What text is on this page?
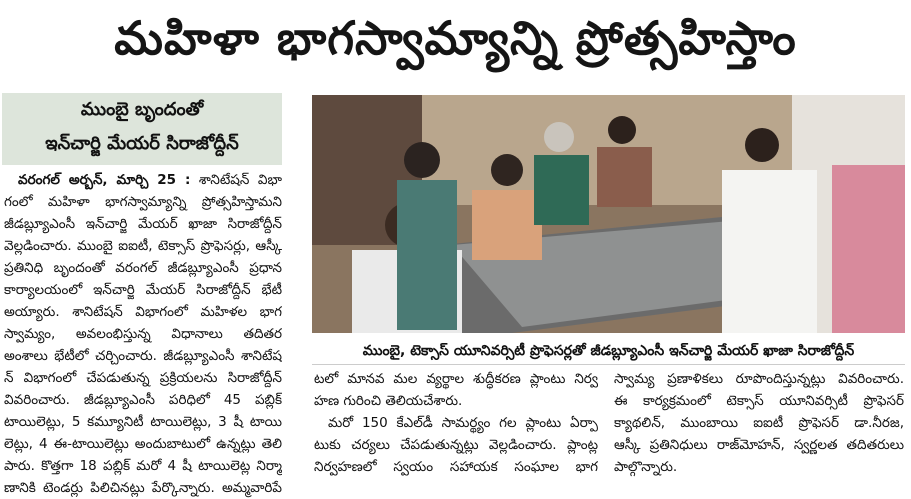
మహిళా భాగస్వామ్యాన్ని ప్రోత్సహిస్తాం
ముంబై బృందంతో
ఇన్‌చార్జి మేయర్ సిరాజోద్దీన్
వరంగల్ అర్బన్, మార్చి 25 : శానిటేషన్ విభా
గంలో మహిళా భాగస్వామ్యాన్ని ప్రోత్సహిస్తామని
జీడబ్ల్యూఎంసీ ఇన్‌చార్జి మేయర్ ఖాజా సిరాజోద్దీన్
వెల్లడించారు. ముంబై ఐఐటీ, టెక్సాస్ ప్రొఫెసర్లు, ఆస్కీ
ప్రతినిధి బృందంతో వరంగల్ జీడబ్ల్యూఎంసీ ప్రధాన
కార్యాలయంలో ఇన్‌చార్జి మేయర్ సిరాజోద్దీన్ భేటీ
అయ్యారు. శానిటేషన్ విభాగంలో మహిళల భాగ
స్వామ్యం, అవలంభిస్తున్న విధానాలు తదితర
అంశాలు భేటీలో చర్చించారు. జీడబ్ల్యూఎంసీ శానిటేష
న్ విభాగంలో చేపడుతున్న ప్రక్రియలను సిరాజోద్దీన్
వివరించారు. జీడబ్ల్యూఎంసీ పరిధిలో 45 పబ్లిక్
టాయిలెట్లు, 5 కమ్యూనిటీ టాయిలెట్లు, 3 షీ టాయి
లెట్లు, 4 ఈ-టాయిలెట్లు అందుబాటులో ఉన్నట్లు తెలి
పారు. కొత్తగా 18 పబ్లిక్ మరో 4 షీ టాయిలెట్ల నిర్మా
ణానికి టెండర్లు పిలిచినట్లు పేర్కొన్నారు. అమ్మవారిపే
ముంబై, టెక్సాస్ యూనివర్సిటీ ప్రొఫెసర్లతో జీడబ్ల్యూఎంసీ ఇన్‌చార్జి మేయర్ ఖాజా సిరాజోద్దీన్
టలో మానవ మల వ్యర్థాల శుద్ధీకరణ ప్లాంటు నిర్వ
హణ గురించి తెలియచేశారు.
మరో 150 కేఎల్‌డీ సామర్థ్యం గల ప్లాంటు ఏర్పా
టుకు చర్యలు చేపడుతున్నట్లు వెల్లడించారు. ప్లాంట్ల
నిర్వహణలో స్వయం సహాయక సంఘాల భాగ
స్వామ్య ప్రణాళికలు రూపొందిస్తున్నట్లు వివరించారు.
ఈ కార్యక్రమంలో టెక్సాస్ యూనివర్సిటీ ప్రొఫెసర్
క్యాథలిన్, ముంబాయి ఐఐటీ ప్రొఫెసర్ డా.నీరజ,
ఆస్కీ ప్రతినిధులు రాజ్‌మోహన్, స్వర్ణలత తదితరులు
పాల్గొన్నారు.
